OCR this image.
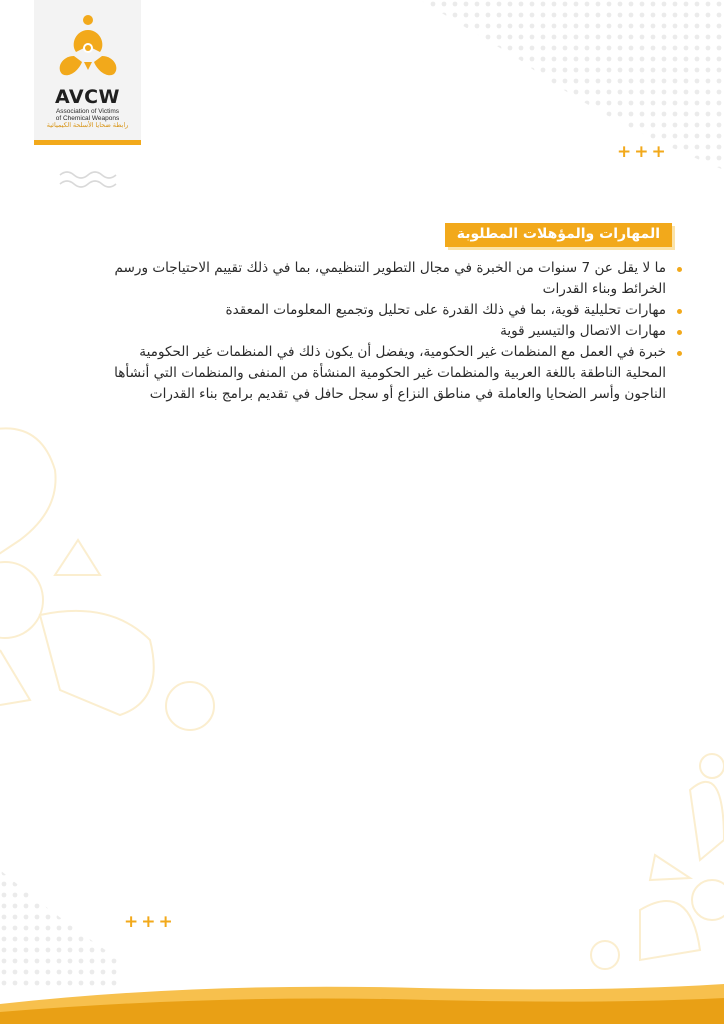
AVCW
Association of Victims
of Chemical Weapons
رابطة ضحايا الأسلحة الكيميائية
+++
+++
المهارات والمؤهلات المطلوبة
ما لا يقل عن 7 سنوات من الخبرة في مجال التطوير التنظيمي، بما في ذلك تقييم الاحتياجات ورسم الخرائط وبناء القدرات
مهارات تحليلية قوية، بما في ذلك القدرة على تحليل وتجميع المعلومات المعقدة
مهارات الاتصال والتيسير قوية
خبرة في العمل مع المنظمات غير الحكومية، ويفضل أن يكون ذلك في المنظمات غير الحكومية المحلية الناطقة باللغة العربية والمنظمات غير الحكومية المنشأة من المنفى والمنظمات التي أنشأها الناجون وأسر الضحايا والعاملة في مناطق النزاع أو سجل حافل في تقديم برامج بناء القدرات
